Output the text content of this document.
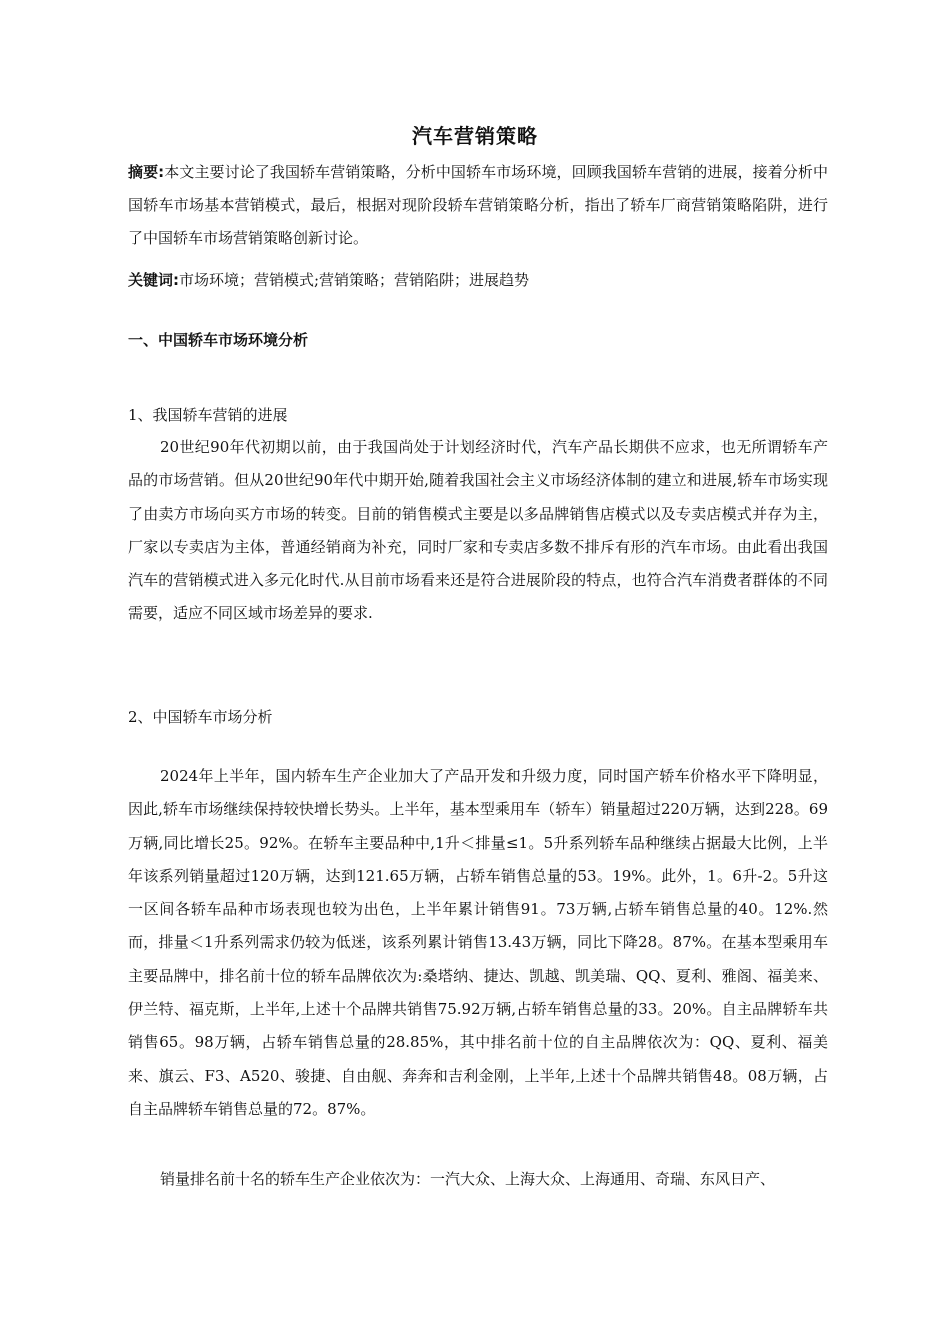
汽车营销策略
摘要:本文主要讨论了我国轿车营销策略，分析中国轿车市场环境，回顾我国轿车营销的进展，接着分析中国轿车市场基本营销模式，最后，根据对现阶段轿车营销策略分析，指出了轿车厂商营销策略陷阱，进行了中国轿车市场营销策略创新讨论。
关键词:市场环境；营销模式;营销策略；营销陷阱；进展趋势
一、中国轿车市场环境分析
1、我国轿车营销的进展
20世纪90年代初期以前，由于我国尚处于计划经济时代，汽车产品长期供不应求，也无所谓轿车产品的市场营销。但从20世纪90年代中期开始,随着我国社会主义市场经济体制的建立和进展,轿车市场实现了由卖方市场向买方市场的转变。目前的销售模式主要是以多品牌销售店模式以及专卖店模式并存为主，厂家以专卖店为主体，普通经销商为补充，同时厂家和专卖店多数不排斥有形的汽车市场。由此看出我国汽车的营销模式进入多元化时代.从目前市场看来还是符合进展阶段的特点，也符合汽车消费者群体的不同需要，适应不同区域市场差异的要求.
2、中国轿车市场分析
2024年上半年，国内轿车生产企业加大了产品开发和升级力度，同时国产轿车价格水平下降明显，因此,轿车市场继续保持较快增长势头。上半年，基本型乘用车（轿车）销量超过220万辆，达到228。69万辆,同比增长25。92%。在轿车主要品种中,1升＜排量≤1。5升系列轿车品种继续占据最大比例，上半年该系列销量超过120万辆，达到121.65万辆，占轿车销售总量的53。19%。此外，1。6升-2。5升这一区间各轿车品种市场表现也较为出色，上半年累计销售91。73万辆,占轿车销售总量的40。12%.然而，排量＜1升系列需求仍较为低迷，该系列累计销售13.43万辆，同比下降28。87%。在基本型乘用车主要品牌中，排名前十位的轿车品牌依次为:桑塔纳、捷达、凯越、凯美瑞、QQ、夏利、雅阁、福美来、伊兰特、福克斯，上半年,上述十个品牌共销售75.92万辆,占轿车销售总量的33。20%。自主品牌轿车共销售65。98万辆，占轿车销售总量的28.85%，其中排名前十位的自主品牌依次为：QQ、夏利、福美来、旗云、F3、A520、骏捷、自由舰、奔奔和吉利金刚，上半年,上述十个品牌共销售48。08万辆，占自主品牌轿车销售总量的72。87%。
销量排名前十名的轿车生产企业依次为：一汽大众、上海大众、上海通用、奇瑞、东风日产、
